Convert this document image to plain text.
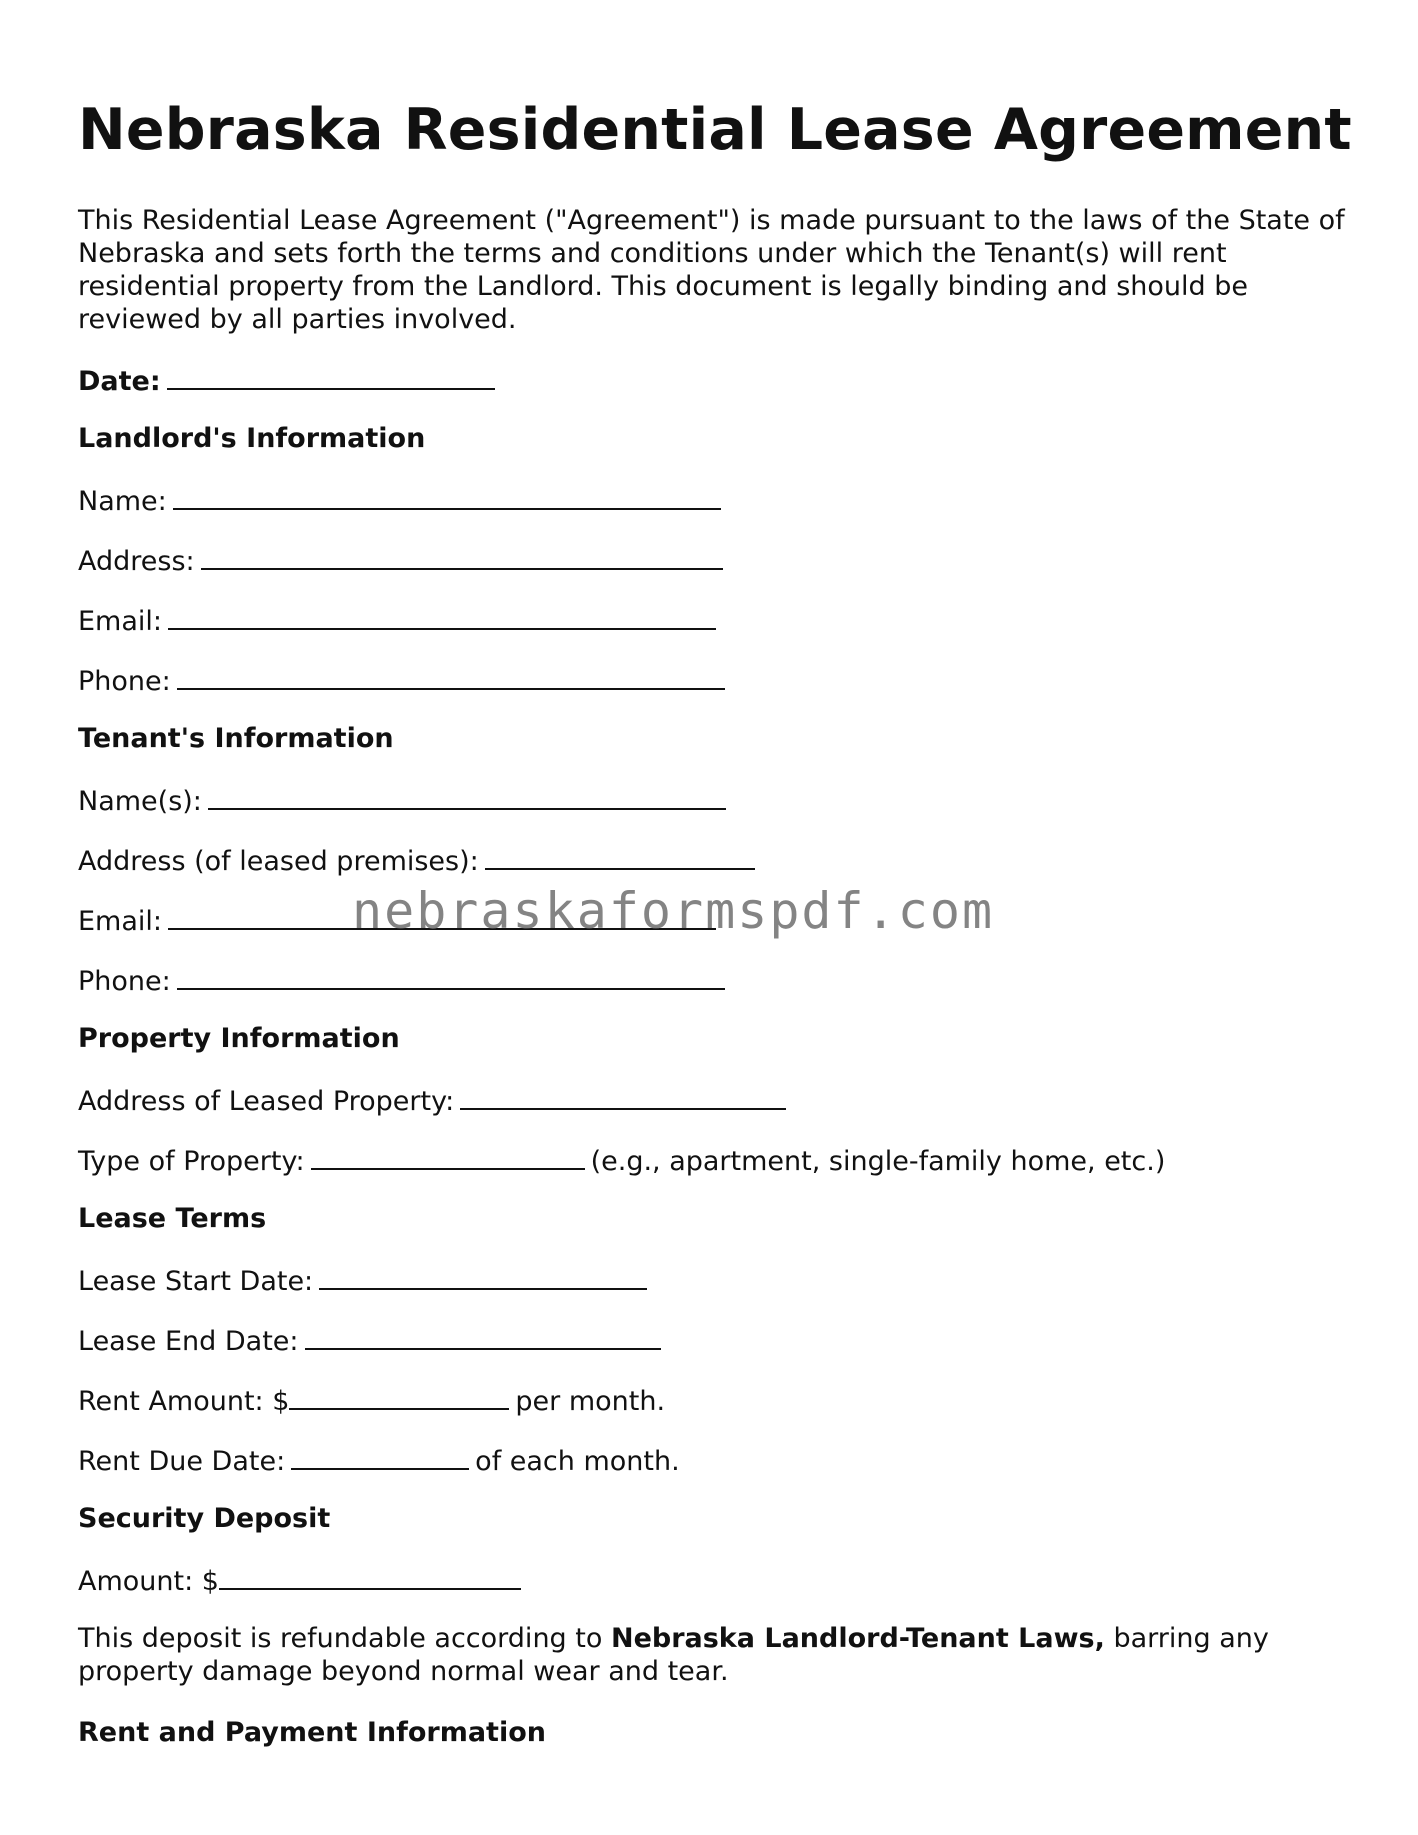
Nebraska Residential Lease Agreement

This Residential Lease Agreement ("Agreement") is made pursuant to the laws of the State of Nebraska and sets forth the terms and conditions under which the Tenant(s) will rent residential property from the Landlord. This document is legally binding and should be reviewed by all parties involved.

Date:

Landlord's Information

Name:

Address:

Email:

Phone:

Tenant's Information

Name(s):

Address (of leased premises):

Email:

Phone:

Property Information

Address of Leased Property:

Type of Property:	(e.g., apartment, single-family home, etc.)

Lease Terms

Lease Start Date:

Lease End Date:

Rent Amount: $	per month.

Rent Due Date:	of each month.

Security Deposit

Amount: $

This deposit is refundable according to Nebraska Landlord-Tenant Laws, barring any property damage beyond normal wear and tear.

Rent and Payment Information

nebraskaformspdf.com
